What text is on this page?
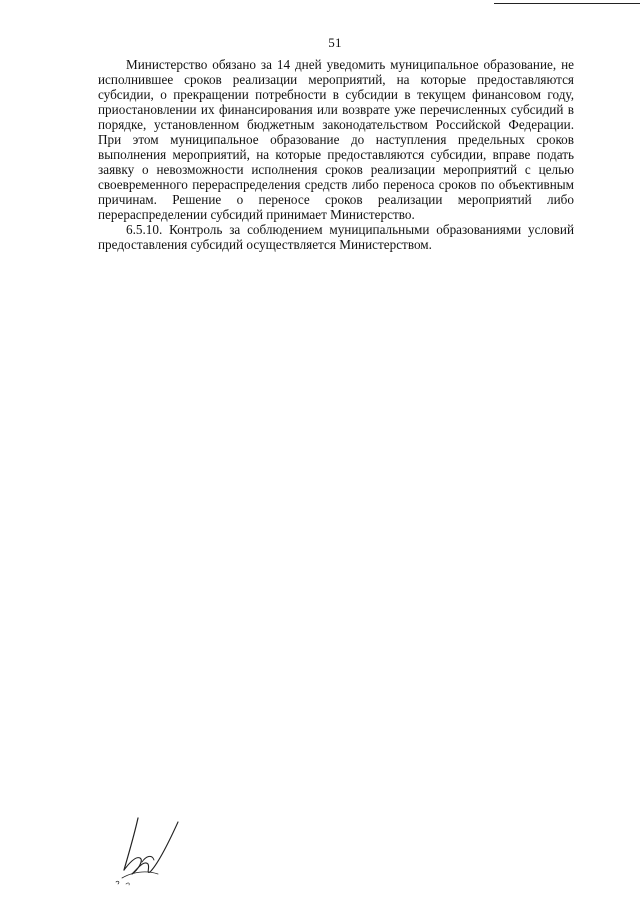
51

Министерство обязано за 14 дней уведомить муниципальное образование, не исполнившее сроков реализации мероприятий, на которые предоставляются субсидии, о прекращении потребности в субсидии в текущем финансовом году, приостановлении их финансирования или возврате уже перечисленных субсидий в порядке, установленном бюджетным законодательством Российской Федерации. При этом муниципальное образование до наступления предельных сроков выполнения мероприятий, на которые предоставляются субсидии, вправе подать заявку о невозможности исполнения сроков реализации мероприятий с целью своевременного перераспределения средств либо переноса сроков по объективным причинам. Решение о переносе сроков реализации мероприятий либо перераспределении субсидий принимает Министерство.

6.5.10. Контроль за соблюдением муниципальными образованиями условий предоставления субсидий осуществляется Министерством.
